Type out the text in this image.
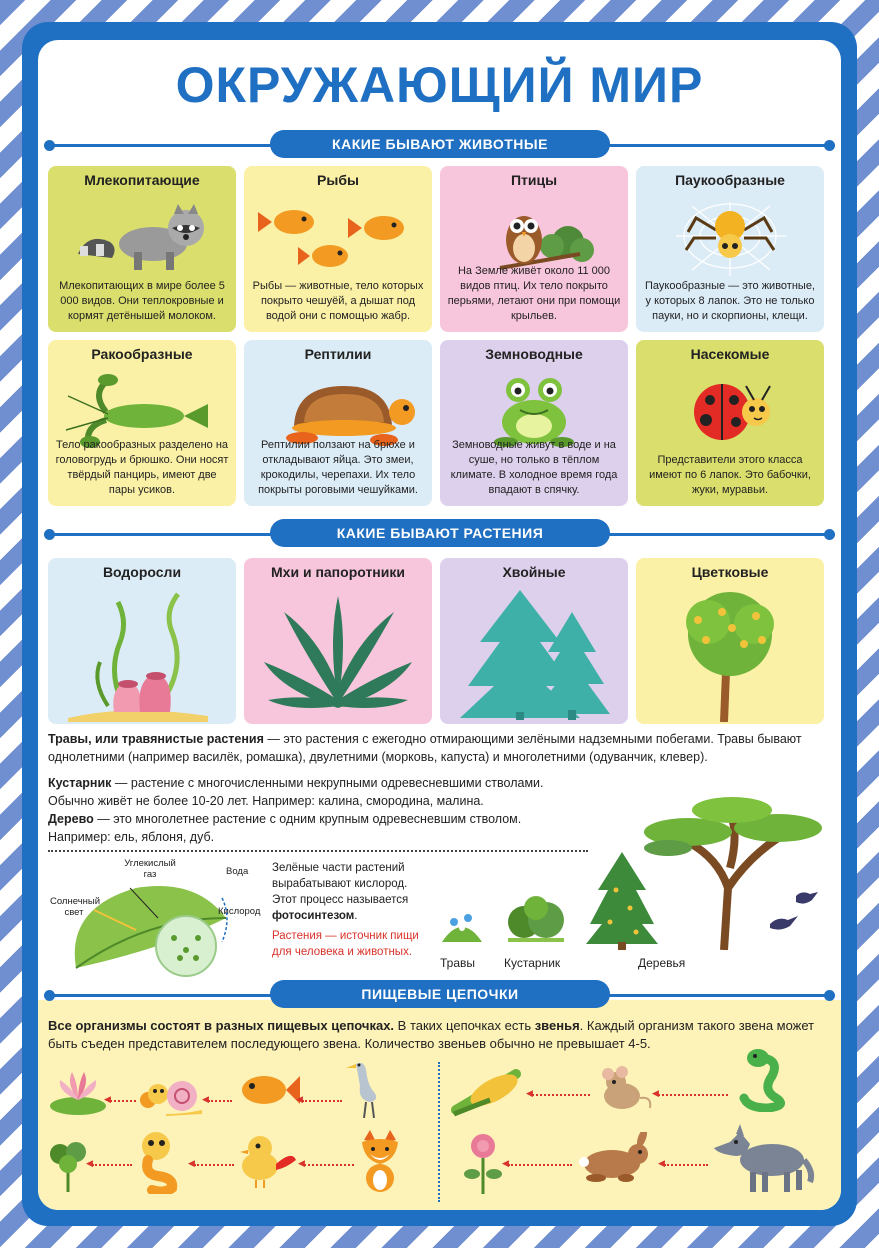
ОКРУЖАЮЩИЙ МИР
КАКИЕ БЫВАЮТ ЖИВОТНЫЕ
Млекопитающие
Млекопитающих в мире более 5 000 видов. Они теплокровные и кормят детёнышей молоком.
Рыбы
Рыбы — животные, тело которых покрыто чешуёй, а дышат под водой они с помощью жабр.
Птицы
На Земле живёт около 11 000 видов птиц. Их тело покрыто перьями, летают они при помощи крыльев.
Паукообразные
Паукообразные — это животные, у которых 8 лапок. Это не только пауки, но и скорпионы, клещи.
Ракообразные
Тело ракообразных разделено на головогрудь и брюшко. Они носят твёрдый панцирь, имеют две пары усиков.
Рептилии
Рептилии ползают на брюхе и откладывают яйца. Это змеи, крокодилы, черепахи. Их тело покрыты роговыми чешуйками.
Земноводные
Земноводные живут в воде и на суше, но только в тёплом климате. В холодное время года впадают в спячку.
Насекомые
Представители этого класса имеют по 6 лапок. Это бабочки, жуки, муравьи.
КАКИЕ БЫВАЮТ РАСТЕНИЯ
Водоросли	Мхи и папоротники	Хвойные	Цветковые
Травы, или травянистые растения — это растения с ежегодно отмирающими зелёными надземными побегами. Травы бывают однолетними (например василёк, ромашка), двулетними (морковь, капуста) и многолетними (одуванчик, клевер).
Кустарник — растение с многочисленными некрупными одревесневшими стволами.
Обычно живёт не более 10-20 лет. Например: калина, смородина, малина.
Дерево — это многолетнее растение с одним крупным одревесневшим стволом.
Например: ель, яблоня, дуб.
Углекислый газ	Вода
Солнечный свет	Кислород
Зелёные части растений вырабатывают кислород. Этот процесс называется фотосинтезом.
Растения — источник пищи для человека и животных.
Травы Кустарник	Деревья
ПИЩЕВЫЕ ЦЕПОЧКИ
Все организмы состоят в разных пищевых цепочках. В таких цепочках есть звенья. Каждый организм такого звена может быть съеден представителем последующего звена. Количество звеньев обычно не превышает 4-5.
◀
◀
◀
◀
◀
◀
◀
◀
◀
◀
